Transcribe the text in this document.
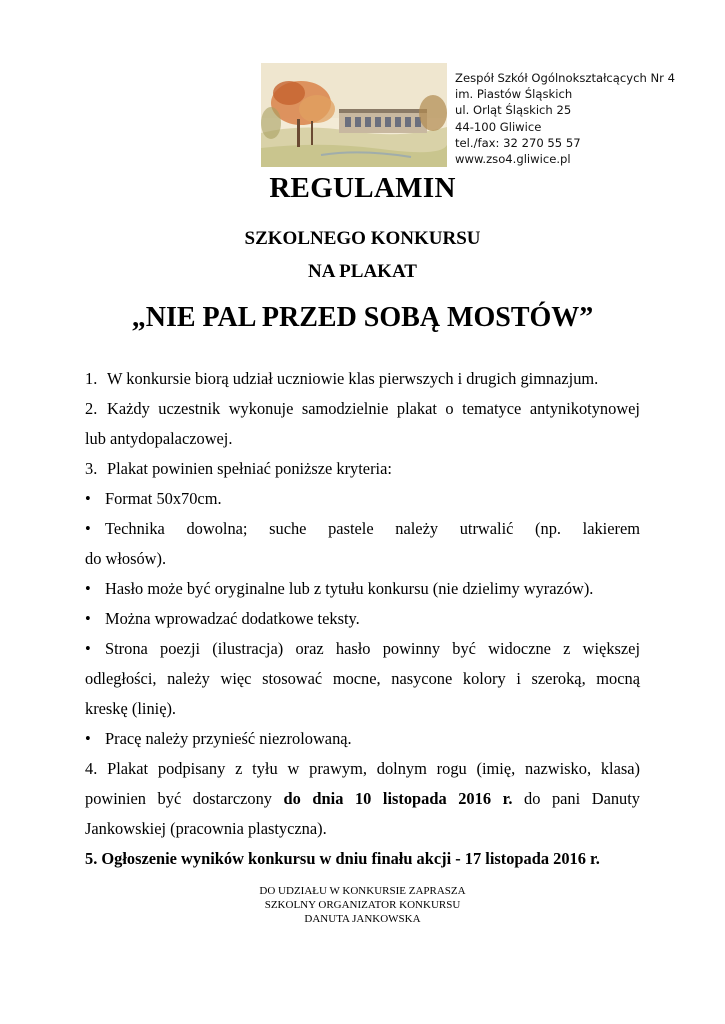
Zespół Szkół Ogólnokształcących Nr 4
im. Piastów Śląskich
ul. Orląt Śląskich 25
44-100 Gliwice
tel./fax: 32 270 55 57
www.zso4.gliwice.pl
REGULAMIN
SZKOLNEGO KONKURSU
NA PLAKAT
„NIE PAL PRZED SOBĄ MOSTÓW”
1. W konkursie biorą udział uczniowie klas pierwszych i drugich gimnazjum.
2. Każdy uczestnik wykonuje samodzielnie plakat o tematyce antynikotynowej
lub antydopalaczowej.
3. Plakat powinien spełniać poniższe kryteria:
• Format 50x70cm.
• Technika dowolna; suche pastele należy utrwalić (np. lakierem
do włosów).
• Hasło może być oryginalne lub z tytułu konkursu (nie dzielimy wyrazów).
• Można wprowadzać dodatkowe teksty.
• Strona poezji (ilustracja) oraz hasło powinny być widoczne z większej
odległości, należy więc stosować mocne, nasycone kolory i szeroką, mocną
kreskę (linię).
• Pracę należy przynieść niezrolowaną.
4. Plakat podpisany z tyłu w prawym, dolnym rogu (imię, nazwisko, klasa)
powinien być dostarczony do dnia 10 listopada 2016 r. do pani Danuty
Jankowskiej (pracownia plastyczna).
5. Ogłoszenie wyników konkursu w dniu finału akcji - 17 listopada 2016 r.
DO UDZIAŁU W KONKURSIE ZAPRASZA
SZKOLNY ORGANIZATOR KONKURSU
DANUTA JANKOWSKA
